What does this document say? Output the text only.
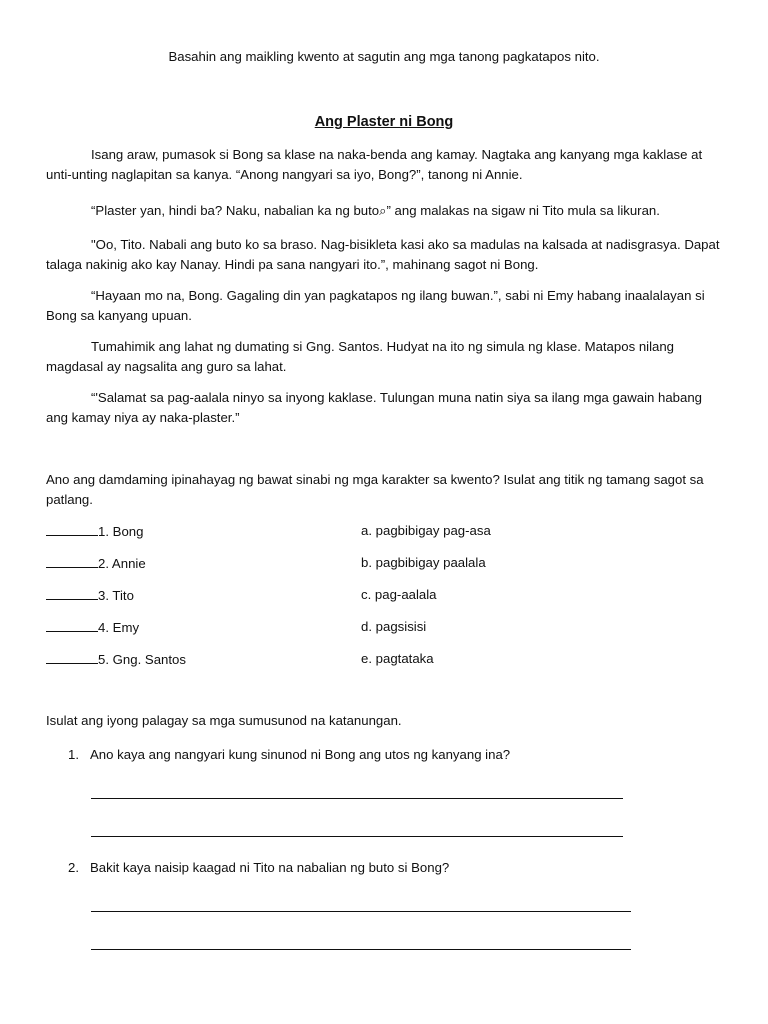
Basahin ang maikling kwento at sagutin ang mga tanong pagkatapos nito.
Ang Plaster ni Bong

Isang araw, pumasok si Bong sa klase na naka-benda ang kamay. Nagtaka ang kanyang mga kaklase at unti-unting naglapitan sa kanya. “Anong nangyari sa iyo, Bong?”, tanong ni Annie.

“Plaster yan, hindi ba? Naku, nabalian ka ng buto⌕” ang malakas na sigaw ni Tito mula sa likuran.

"Oo, Tito. Nabali ang buto ko sa braso. Nag-bisikleta kasi ako sa madulas na kalsada at nadisgrasya. Dapat talaga nakinig ako kay Nanay. Hindi pa sana nangyari ito.”, mahinang sagot ni Bong.

“Hayaan mo na, Bong. Gagaling din yan pagkatapos ng ilang buwan.”, sabi ni Emy habang inaalalayan si Bong sa kanyang upuan.

Tumahimik ang lahat ng dumating si Gng. Santos. Hudyat na ito ng simula ng klase. Matapos nilang magdasal ay nagsalita ang guro sa lahat.

“'Salamat sa pag-aalala ninyo sa inyong kaklase. Tulungan muna natin siya sa ilang mga gawain habang ang kamay niya ay naka-plaster.”

Ano ang damdaming ipinahayag ng bawat sinabi ng mga karakter sa kwento? Isulat ang titik ng tamang sagot sa patlang.

1. Bong
2. Annie
3. Tito
4. Emy
5. Gng. Santos
a. pagbibigay pag-asa
b. pagbibigay paalala
c. pag-aalala
d. pagsisisi
e. pagtataka
Isulat ang iyong palagay sa mga sumusunod na katanungan.
1. Ano kaya ang nangyari kung sinunod ni Bong ang utos ng kanyang ina?
2. Bakit kaya naisip kaagad ni Tito na nabalian ng buto si Bong?
